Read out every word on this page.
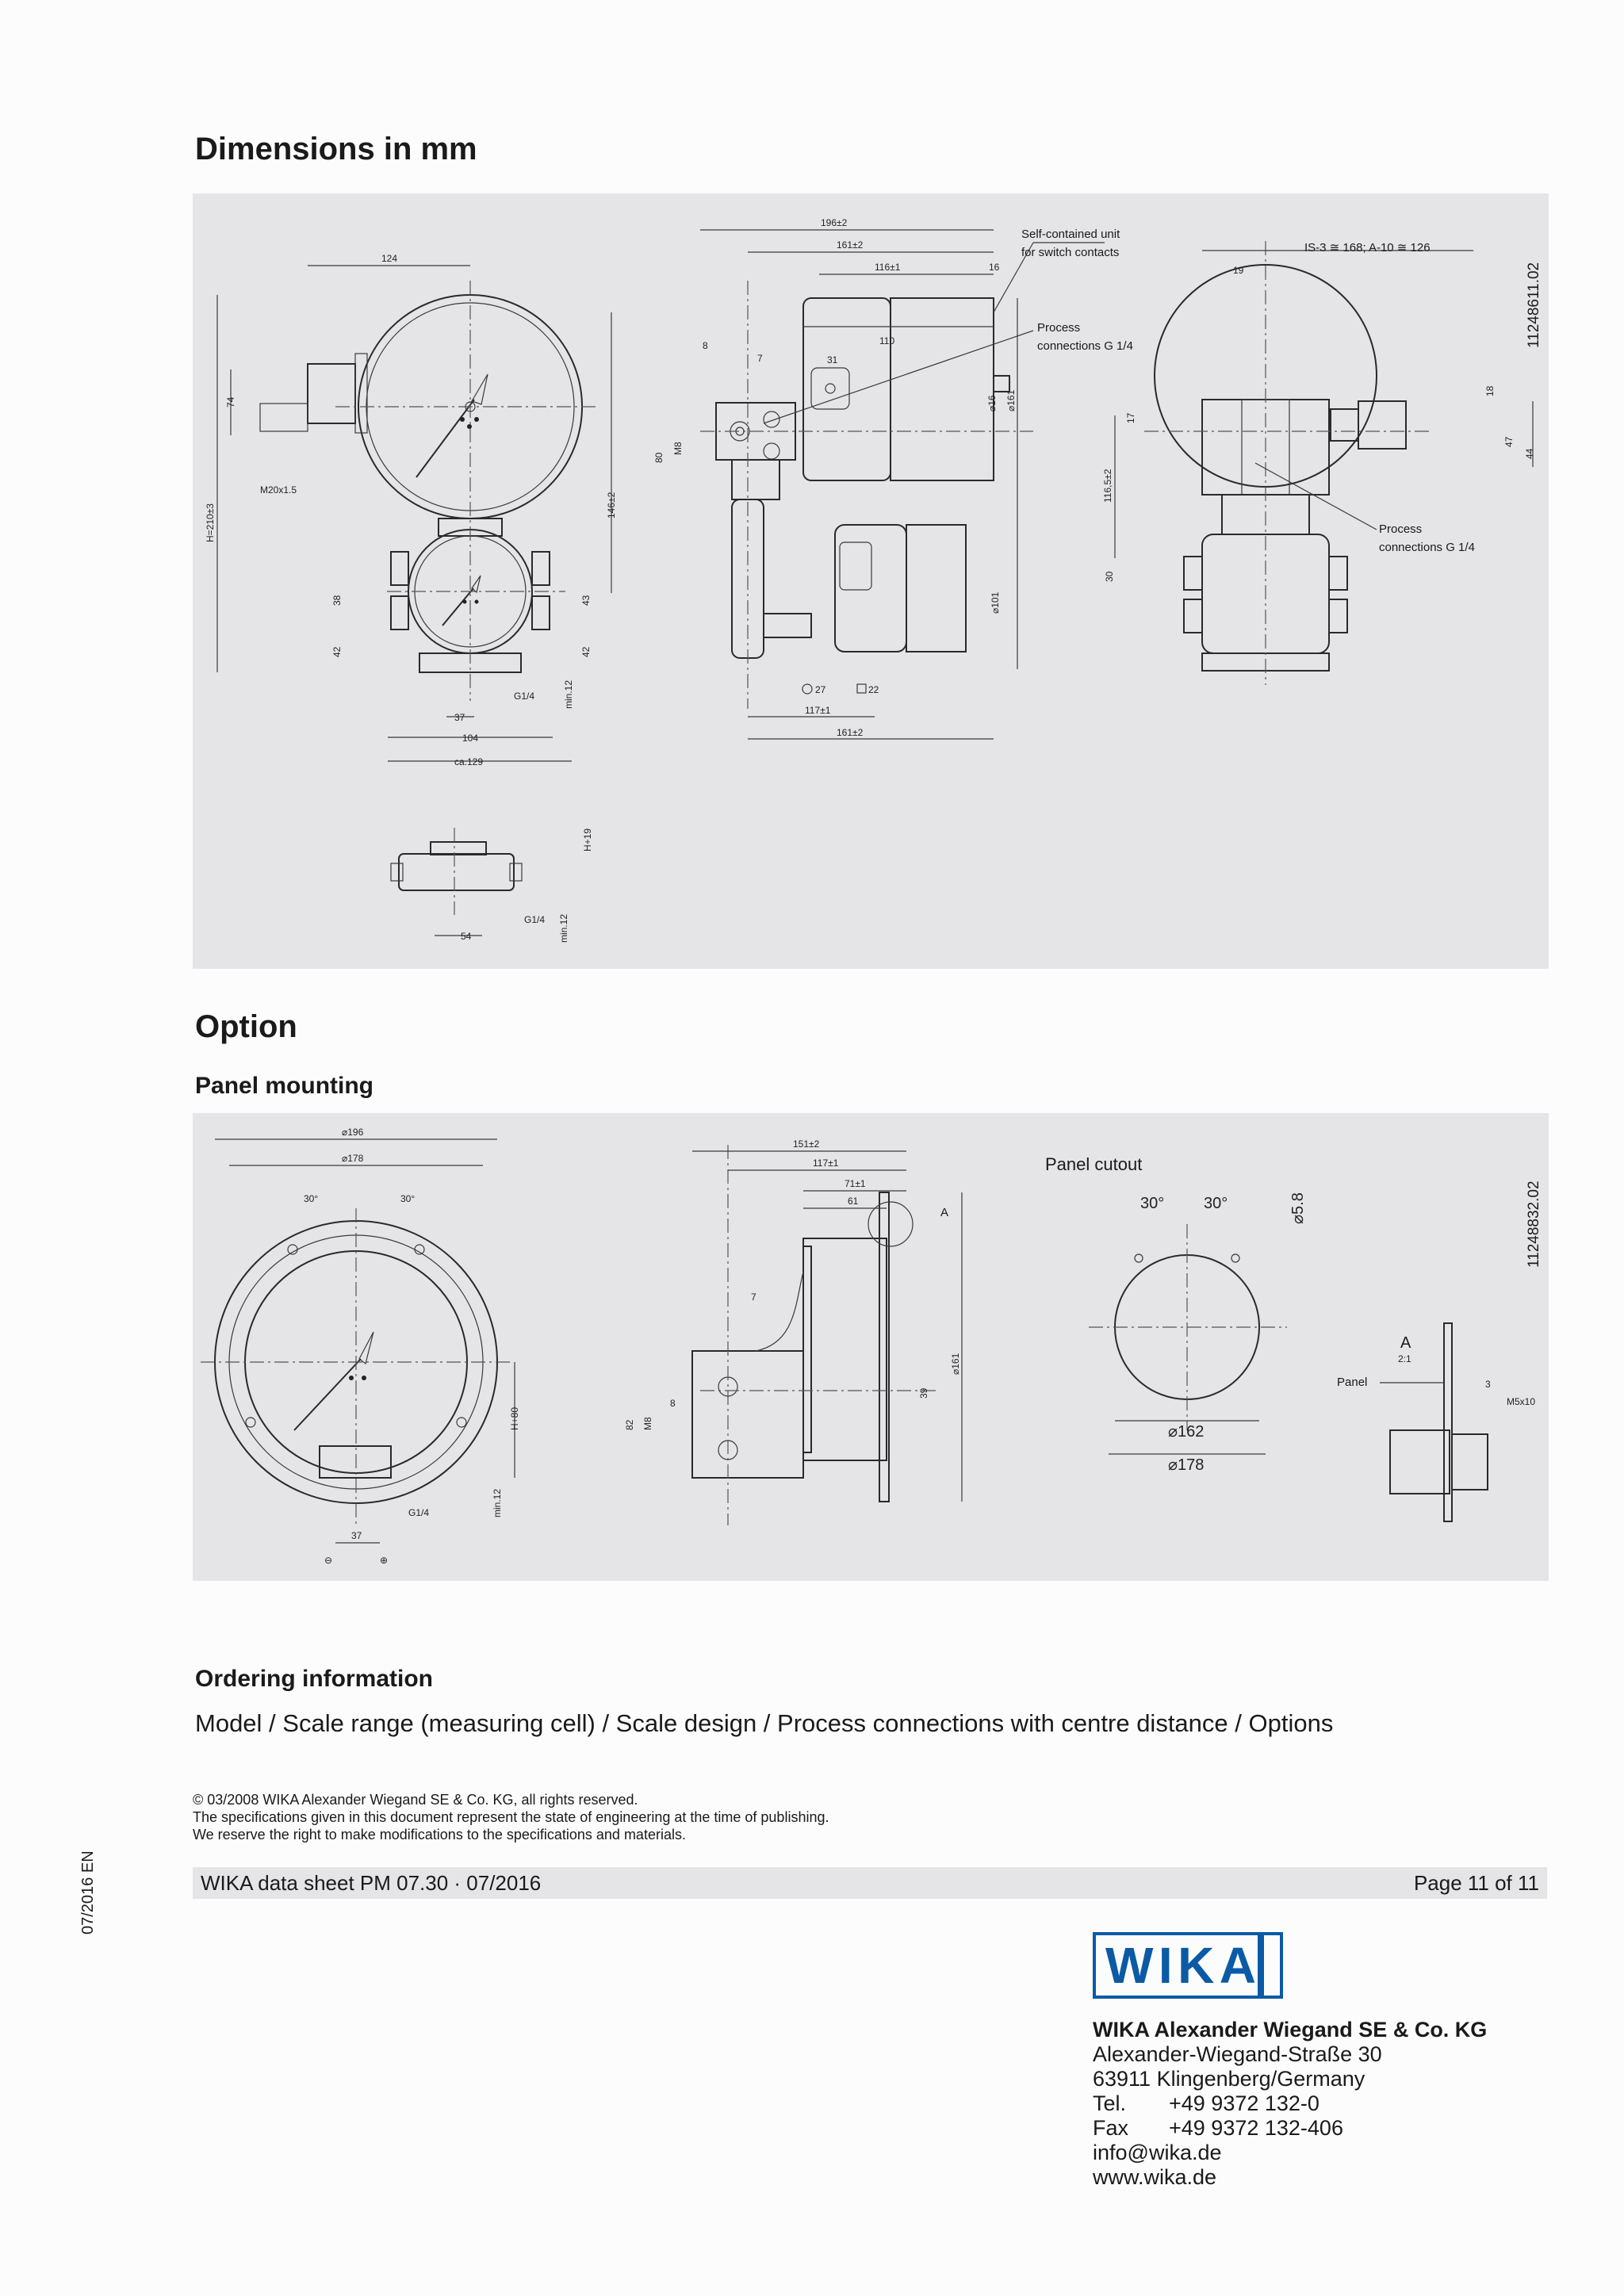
Dimensions in mm
124
74
M20x1.5
H=210±3	146±2
38
42
43
42
min.12
G1/4
37
104
ca.129
196±2
161±2
116±1	16
110
8
7	31
80
M8
⌀16 ⌀161
⌀101
27	22
117±1
161±2
Self-contained unit
for switch contacts
Process
connections G 1/4
IS-3 ≅ 168; A-10 ≅ 126
19
17
116,5±2
30
18
47
44
Process
connections G 1/4
H+19
G1/4
54	min.12
11248611.02
Option
Panel mounting
⌀196
⌀178
30°	30°
H+80
min.12
G1/4
37
⊖	⊕
151±2
117±1
71±1
61
A
7
82 M8
8
39
⌀161
Panel cutout
30° 30°	⌀5.8
⌀162
⌀178
A
2:1
Panel	3
M5x10
11248832.02
Ordering information
Model / Scale range (measuring cell) / Scale design / Process connections with centre distance / Options
© 03/2008 WIKA Alexander Wiegand SE & Co. KG, all rights reserved.
The specifications given in this document represent the state of engineering at the time of publishing.
We reserve the right to make modifications to the specifications and materials.
WIKA data sheet PM 07.30 · 07/2016	Page 11 of 11
07/2016 EN
WIKA
WIKA Alexander Wiegand SE & Co. KG
Alexander-Wiegand-Straße 30
63911 Klingenberg/Germany
Tel. +49 9372 132-0
Fax +49 9372 132-406
info@wika.de
www.wika.de
